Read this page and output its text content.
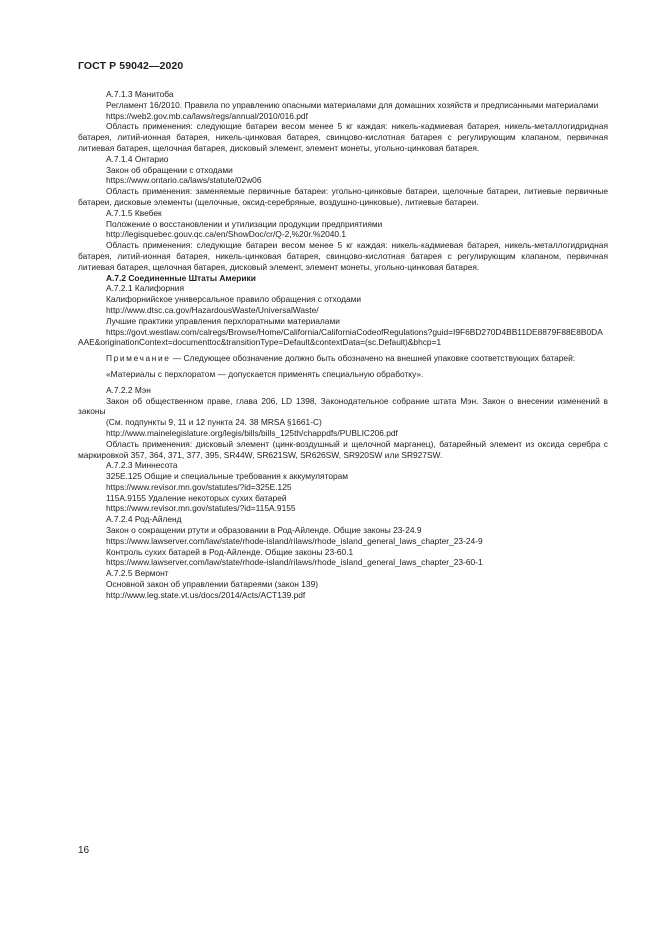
ГОСТ Р 59042—2020

А.7.1.3 Манитоба

Регламент 16/2010. Правила по управлению опасными материалами для домашних хозяйств и предписанными материалами

https://web2.gov.mb.ca/laws/regs/annual/2010/016.pdf

Область применения: следующие батареи весом менее 5 кг каждая: никель-кадмиевая батарея, никель-металлогидридная батарея, литий-ионная батарея, никель-цинковая батарея, свинцово-кислотная батарея с регулирующим клапаном, первичная литиевая батарея, щелочная батарея, дисковый элемент, элемент монеты, угольно-цинковая батарея.

А.7.1.4 Онтарио

Закон об обращении с отходами

https://www.ontario.ca/laws/statute/02w06

Область применения: заменяемые первичные батареи: угольно-цинковые батареи, щелочные батареи, литиевые первичные батареи, дисковые элементы (щелочные, оксид-серебряные, воздушно-цинковые), литиевые батареи.

А.7.1.5 Квебек

Положение о восстановлении и утилизации продукции предприятиями

http://legisquebec.gouv.qc.ca/en/ShowDoc/cr/Q-2,%20r.%2040.1

Область применения: следующие батареи весом менее 5 кг каждая: никель-кадмиевая батарея, никель-металлогидридная батарея, литий-ионная батарея, никель-цинковая батарея, свинцово-кислотная батарея с регулирующим клапаном, первичная литиевая батарея, щелочная батарея, дисковый элемент, элемент монеты, угольно-цинковая батарея.

А.7.2 Соединенные Штаты Америки

А.7.2.1 Калифорния

Калифорнийское универсальное правило обращения с отходами

http://www.dtsc.ca.gov/HazardousWaste/UniversalWaste/

Лучшие практики управления перхлоратными материалами

https://govt.westlaw.com/calregs/Browse/Home/California/CaliforniaCodeofRegulations?guid=I9F6BD270D4BB11DE8879F88E8B0DAAAE&originationContext=documenttoc&transitionType=Default&contextData=(sc.Default)&bhcp=1

Примечание — Следующее обозначение должно быть обозначено на внешней упаковке соответствующих батарей:

«Материалы с перхлоратом — допускается применять специальную обработку».

А.7.2.2 Мэн

Закон об общественном праве, глава 206, LD 1398, Законодательное собрание штата Мэн. Закон о внесении изменений в законы

(См. подпункты 9, 11 и 12 пункта 24. 38 MRSA §1661-С)

http://www.mainelegislature.org/legis/bills/bills_125th/chappdfs/PUBLIC206.pdf

Область применения: дисковый элемент (цинк-воздушный и щелочной марганец), батарейный элемент из оксида серебра с маркировкой 357, 364, 371, 377, 395, SR44W, SR621SW, SR626SW, SR920SW или SR927SW.

А.7.2.3 Миннесота

325Е.125 Общие и специальные требования к аккумуляторам

https://www.revisor.mn.gov/statutes/?id=325E.125

115А.9155 Удаление некоторых сухих батарей

https://www.revisor.mn.gov/statutes/?id=115A.9155

А.7.2.4 Род-Айленд

Закон о сокращении ртути и образовании в Род-Айленде. Общие законы 23-24.9

https://www.lawserver.com/law/state/rhode-island/rilaws/rhode_island_general_laws_chapter_23-24-9

Контроль сухих батарей в Род-Айленде. Общие законы 23-60.1

https://www.lawserver.com/law/state/rhode-island/rilaws/rhode_island_general_laws_chapter_23-60-1

А.7.2.5 Вермонт

Основной закон об управлении батареями (закон 139)

http://www.leg.state.vt.us/docs/2014/Acts/ACT139.pdf

16
